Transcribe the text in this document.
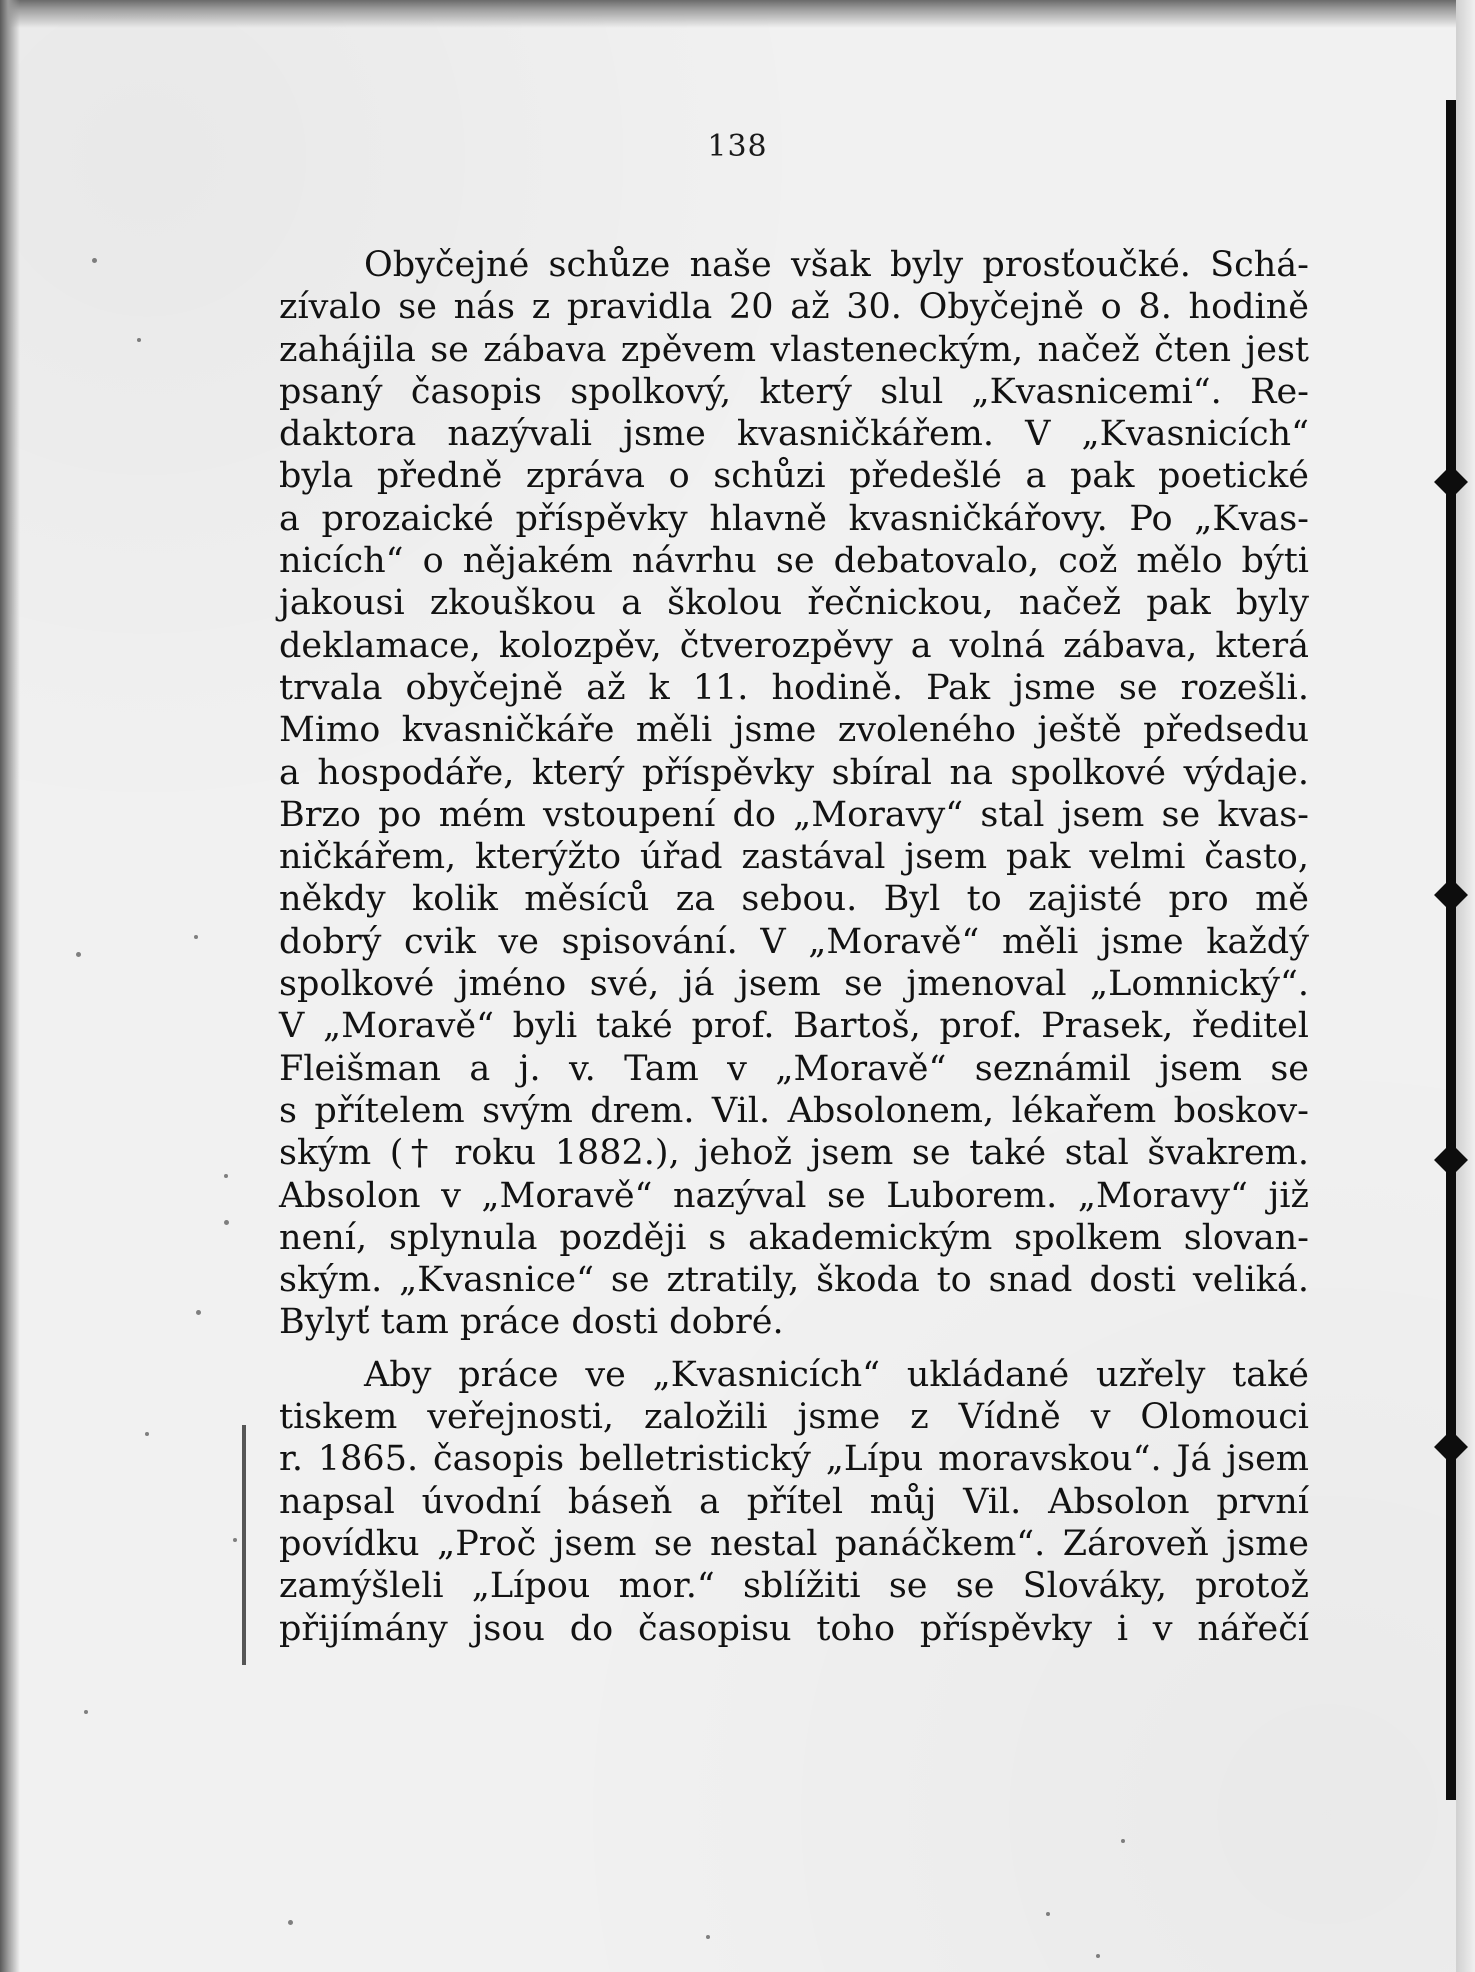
138
Obyčejné schůze naše však byly prosťoučké. Schá-
zívalo se nás z pravidla 20 až 30. Obyčejně o 8. hodině
zahájila se zábava zpěvem vlasteneckým, načež čten jest
psaný časopis spolkový, který slul „Kvasnicemi“. Re-
daktora nazývali jsme kvasničkářem. V „Kvasnicích“
byla předně zpráva o schůzi předešlé a pak poetické
a prozaické příspěvky hlavně kvasničkářovy. Po „Kvas-
nicích“ o nějakém návrhu se debatovalo, což mělo býti
jakousi zkouškou a školou řečnickou, načež pak byly
deklamace, kolozpěv, čtverozpěvy a volná zábava, která
trvala obyčejně až k 11. hodině. Pak jsme se rozešli.
Mimo kvasničkáře měli jsme zvoleného ještě předsedu
a hospodáře, který příspěvky sbíral na spolkové výdaje.
Brzo po mém vstoupení do „Moravy“ stal jsem se kvas-
ničkářem, kterýžto úřad zastával jsem pak velmi často,
někdy kolik měsíců za sebou. Byl to zajisté pro mě
dobrý cvik ve spisování. V „Moravě“ měli jsme každý
spolkové jméno své, já jsem se jmenoval „Lomnický“.
V „Moravě“ byli také prof. Bartoš, prof. Prasek, ředitel
Fleišman a j. v. Tam v „Moravě“ seznámil jsem se
s přítelem svým drem. Vil. Absolonem, lékařem boskov-
ským († roku 1882.), jehož jsem se také stal švakrem.
Absolon v „Moravě“ nazýval se Luborem. „Moravy“ již
není, splynula později s akademickým spolkem slovan-
ským. „Kvasnice“ se ztratily, škoda to snad dosti veliká.
Bylyť tam práce dosti dobré.
Aby práce ve „Kvasnicích“ ukládané uzřely také
tiskem veřejnosti, založili jsme z Vídně v Olomouci
r. 1865. časopis belletristický „Lípu moravskou“. Já jsem
napsal úvodní báseň a přítel můj Vil. Absolon první
povídku „Proč jsem se nestal panáčkem“. Zároveň jsme
zamýšleli „Lípou mor.“ sblížiti se se Slováky, protož
přijímány jsou do časopisu toho příspěvky i v nářečí
